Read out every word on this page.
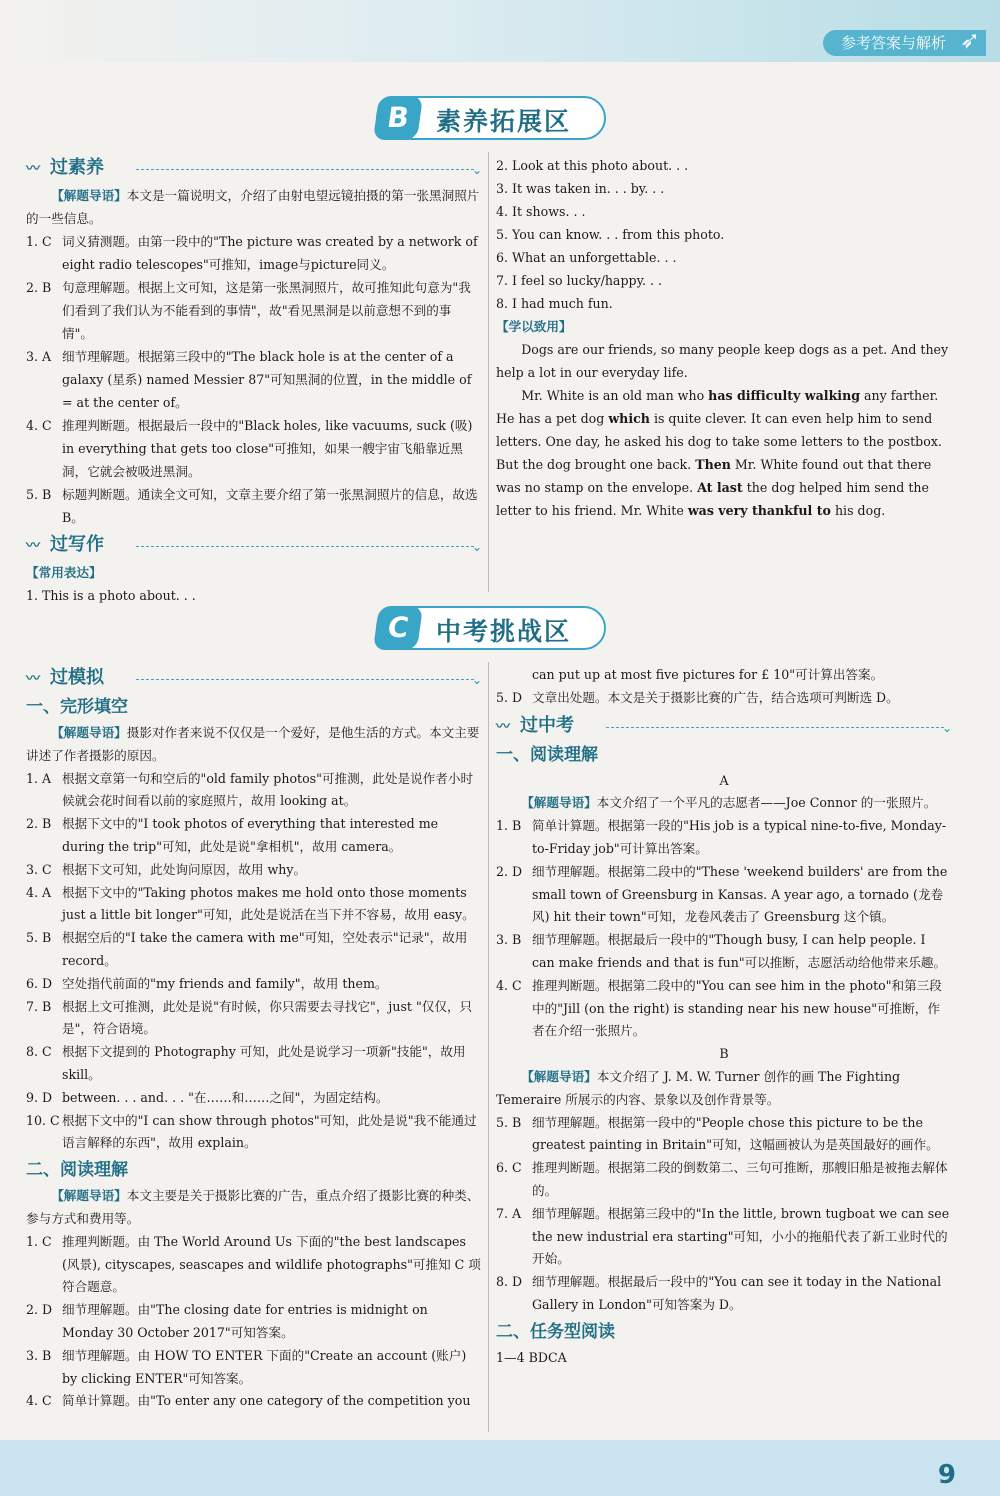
参考答案与解析 ➶
B 素养拓展区
〰 过素养	⌄

【解题导语】本文是一篇说明文，介绍了由射电望远镜拍摄的第一张黑洞照片的一些信息。

1. C 词义猜测题。由第一段中的"The picture was created by a network of eight radio telescopes"可推知，image与picture同义。
2. B 句意理解题。根据上文可知，这是第一张黑洞照片，故可推知此句意为"我们看到了我们认为不能看到的事情"，故"看见黑洞是以前意想不到的事情"。
3. A 细节理解题。根据第三段中的"The black hole is at the center of a galaxy (星系) named Messier 87"可知黑洞的位置，in the middle of = at the center of。
4. C 推理判断题。根据最后一段中的"Black holes, like vacuums, suck (吸) in everything that gets too close"可推知，如果一艘宇宙飞船靠近黑洞，它就会被吸进黑洞。
5. B 标题判断题。通读全文可知，文章主要介绍了第一张黑洞照片的信息，故选 B。
〰 过写作	⌄

【常用表达】

1. This is a photo about. . .

2. Look at this photo about. . .

3. It was taken in. . . by. . .

4. It shows. . .

5. You can know. . . from this photo.

6. What an unforgettable. . .

7. I feel so lucky/happy. . .

8. I had much fun.

【学以致用】

Dogs are our friends, so many people keep dogs as a pet. And they help a lot in our everyday life.

Mr. White is an old man who has difficulty walking any farther. He has a pet dog which is quite clever. It can even help him to send letters. One day, he asked his dog to take some letters to the postbox. But the dog brought one back. Then Mr. White found out that there was no stamp on the envelope. At last the dog helped him send the letter to his friend. Mr. White was very thankful to his dog.

C	中考挑战区
〰 过模拟	⌄
一、完形填空

【解题导语】摄影对作者来说不仅仅是一个爱好，是他生活的方式。本文主要讲述了作者摄影的原因。

1. A 根据文章第一句和空后的"old family photos"可推测，此处是说作者小时候就会花时间看以前的家庭照片，故用 looking at。
2. B 根据下文中的"I took photos of everything that interested me during the trip"可知，此处是说"拿相机"，故用 camera。
3. C 根据下文可知，此处询问原因，故用 why。
4. A 根据下文中的"Taking photos makes me hold onto those moments just a little bit longer"可知，此处是说活在当下并不容易，故用 easy。
5. B 根据空后的"I take the camera with me"可知，空处表示"记录"，故用 record。
6. D 空处指代前面的"my friends and family"，故用 them。
7. B 根据上文可推测，此处是说"有时候，你只需要去寻找它"，just "仅仅，只是"，符合语境。
8. C 根据下文提到的 Photography 可知，此处是说学习一项新"技能"，故用 skill。
9. D between. . . and. . . "在……和……之间"，为固定结构。
10. C 根据下文中的"I can show through photos"可知，此处是说"我不能通过语言解释的东西"，故用 explain。
二、阅读理解

【解题导语】本文主要是关于摄影比赛的广告，重点介绍了摄影比赛的种类、参与方式和费用等。

1. C 推理判断题。由 The World Around Us 下面的"the best landscapes (风景), cityscapes, seascapes and wildlife photographs"可推知 C 项符合题意。
2. D 细节理解题。由"The closing date for entries is midnight on Monday 30 October 2017"可知答案。
3. B 细节理解题。由 HOW TO ENTER 下面的"Create an account (账户) by clicking ENTER"可知答案。
4. C 简单计算题。由"To enter any one category of the competition you

can put up at most five pictures for £ 10"可计算出答案。

5. D 文章出处题。本文是关于摄影比赛的广告，结合选项可判断选 D。
〰 过中考	⌄
一、阅读理解

A

【解题导语】本文介绍了一个平凡的志愿者——Joe Connor 的一张照片。

1. B 简单计算题。根据第一段的"His job is a typical nine-to-five, Monday-to-Friday job"可计算出答案。
2. D 细节理解题。根据第二段中的"These 'weekend builders' are from the small town of Greensburg in Kansas. A year ago, a tornado (龙卷风) hit their town"可知，龙卷风袭击了 Greensburg 这个镇。
3. B 细节理解题。根据最后一段中的"Though busy, I can help people. I can make friends and that is fun"可以推断，志愿活动给他带来乐趣。
4. C 推理判断题。根据第二段中的"You can see him in the photo"和第三段中的"Jill (on the right) is standing near his new house"可推断，作者在介绍一张照片。

B

【解题导语】本文介绍了 J. M. W. Turner 创作的画 The Fighting Temeraire 所展示的内容、景象以及创作背景等。

5. B 细节理解题。根据第一段中的"People chose this picture to be the greatest painting in Britain"可知，这幅画被认为是英国最好的画作。
6. C 推理判断题。根据第二段的倒数第二、三句可推断，那艘旧船是被拖去解体的。
7. A 细节理解题。根据第三段中的"In the little, brown tugboat we can see the new industrial era starting"可知，小小的拖船代表了新工业时代的开始。
8. D 细节理解题。根据最后一段中的"You can see it today in the National Gallery in London"可知答案为 D。
二、任务型阅读

1—4 BDCA

9
